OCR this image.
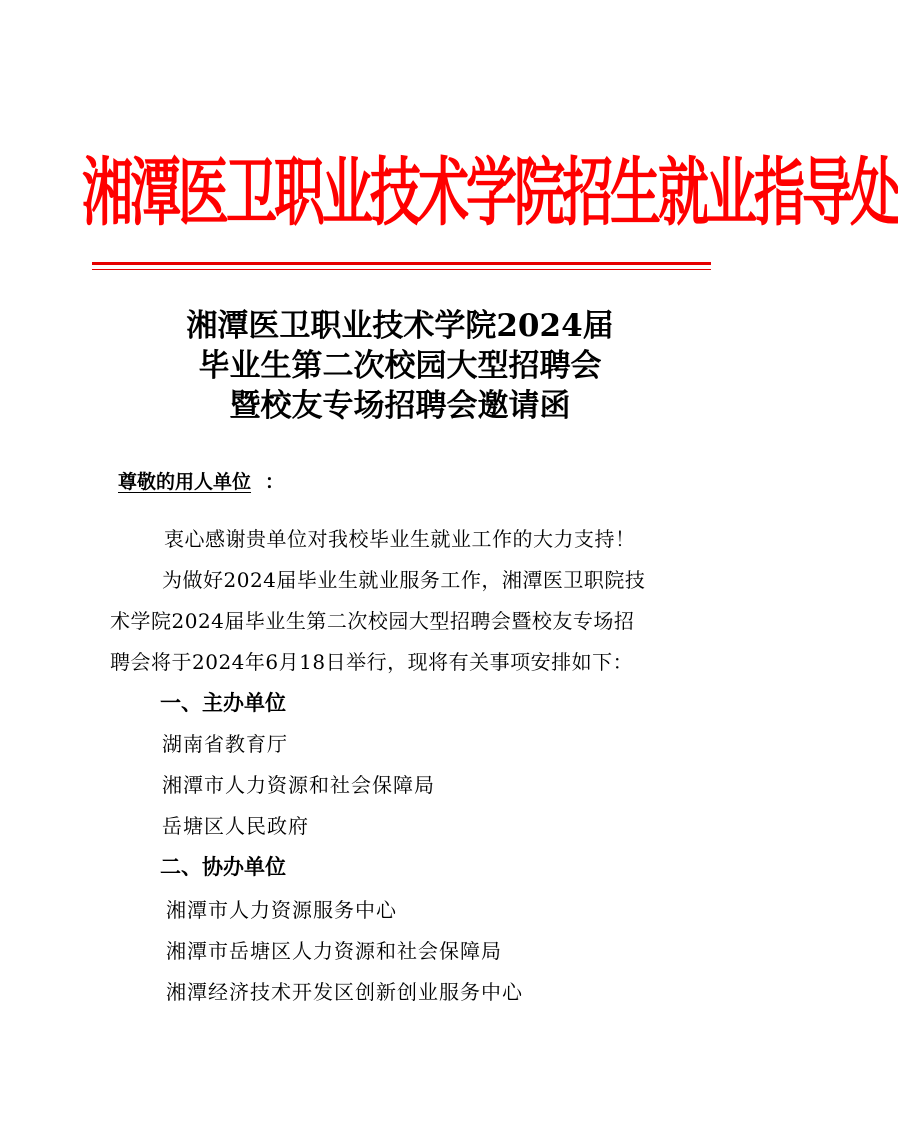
湘潭医卫职业技术学院招生就业指导处
湘潭医卫职业技术学院2024届
毕业生第二次校园大型招聘会
暨校友专场招聘会邀请函
尊敬的用人单位 ：
衷心感谢贵单位对我校毕业生就业工作的大力支持！
为做好2024届毕业生就业服务工作，湘潭医卫职院技
术学院2024届毕业生第二次校园大型招聘会暨校友专场招
聘会将于2024年6月18日举行，现将有关事项安排如下：
一、主办单位
湖南省教育厅
湘潭市人力资源和社会保障局
岳塘区人民政府
二、协办单位
湘潭市人力资源服务中心
湘潭市岳塘区人力资源和社会保障局
湘潭经济技术开发区创新创业服务中心
